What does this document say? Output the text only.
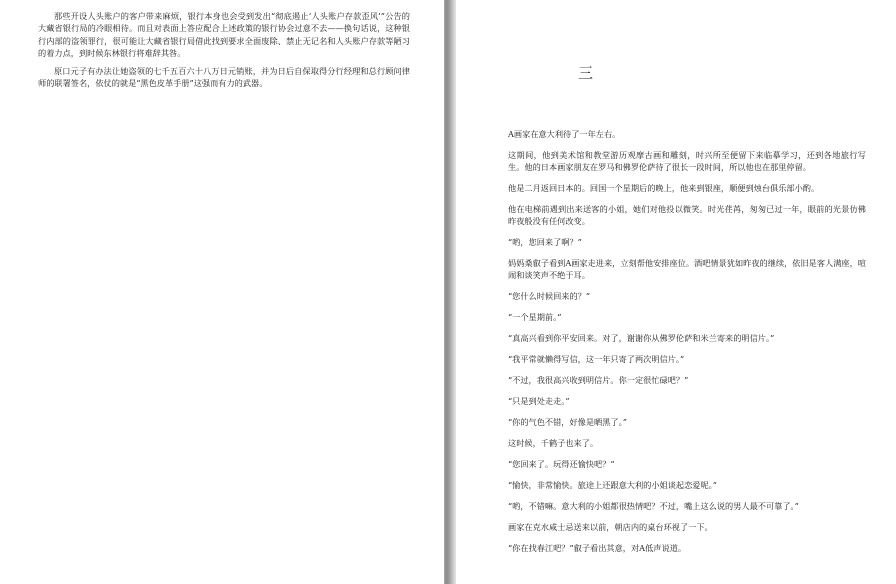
那些开设人头账户的客户带来麻烦，银行本身也会受到发出“彻底遏止‘人头账户存款歪风’”公告的大藏省银行局的冷眼相待。而且对表面上答应配合上述政策的银行协会过意不去——换句话说，这种银行内部的盗领罪行，很可能让大藏省银行局借此找到要求全面废除、禁止无记名和人头账户存款等陋习的着力点，到时候东林银行将难辞其咎。

原口元子有办法让她盗领的七千五百六十八万日元销账，并为日后自保取得分行经理和总行顾问律师的联署签名，依仗的就是“黑色皮革手册”这强而有力的武器。

三

A画家在意大利待了一年左右。

这期间，他到美术馆和教堂游历观摩古画和雕刻，时兴所至便留下来临摹学习，还到各地旅行写生。他的日本画家朋友在罗马和佛罗伦萨待了很长一段时间，所以他也在那里停留。

他是二月返回日本的。回国一个星期后的晚上，他来到银座，顺便到烛台俱乐部小酌。

他在电梯前遇到出来送客的小姐，她们对他投以微笑。时光荏苒，匆匆已过一年，眼前的光景仿佛昨夜般没有任何改变。

“哟，您回来了啊？”

妈妈桑叡子看到A画家走进来，立刻帮他安排座位。酒吧情景犹如昨夜的继续，依旧是客人满座，喧闹和谈笑声不绝于耳。

“您什么时候回来的？”

“一个星期前。”

“真高兴看到你平安回来。对了，谢谢你从佛罗伦萨和米兰寄来的明信片。”

“我平常就懒得写信，这一年只寄了两次明信片。”

“不过，我很高兴收到明信片。你一定很忙碌吧？”

“只是到处走走。”

“你的气色不错，好像是晒黑了。”

这时候，千鹤子也来了。

“您回来了。玩得还愉快吧？”

“愉快，非常愉快。旅途上还跟意大利的小姐谈起恋爱呢。”

“哟，不错嘛。意大利的小姐都很热情吧？不过，嘴上这么说的男人最不可靠了。”

画家在克水咸士忌送来以前，朝店内的桌台环视了一下。

“你在找春江吧？”叡子看出其意，对A低声说道。
